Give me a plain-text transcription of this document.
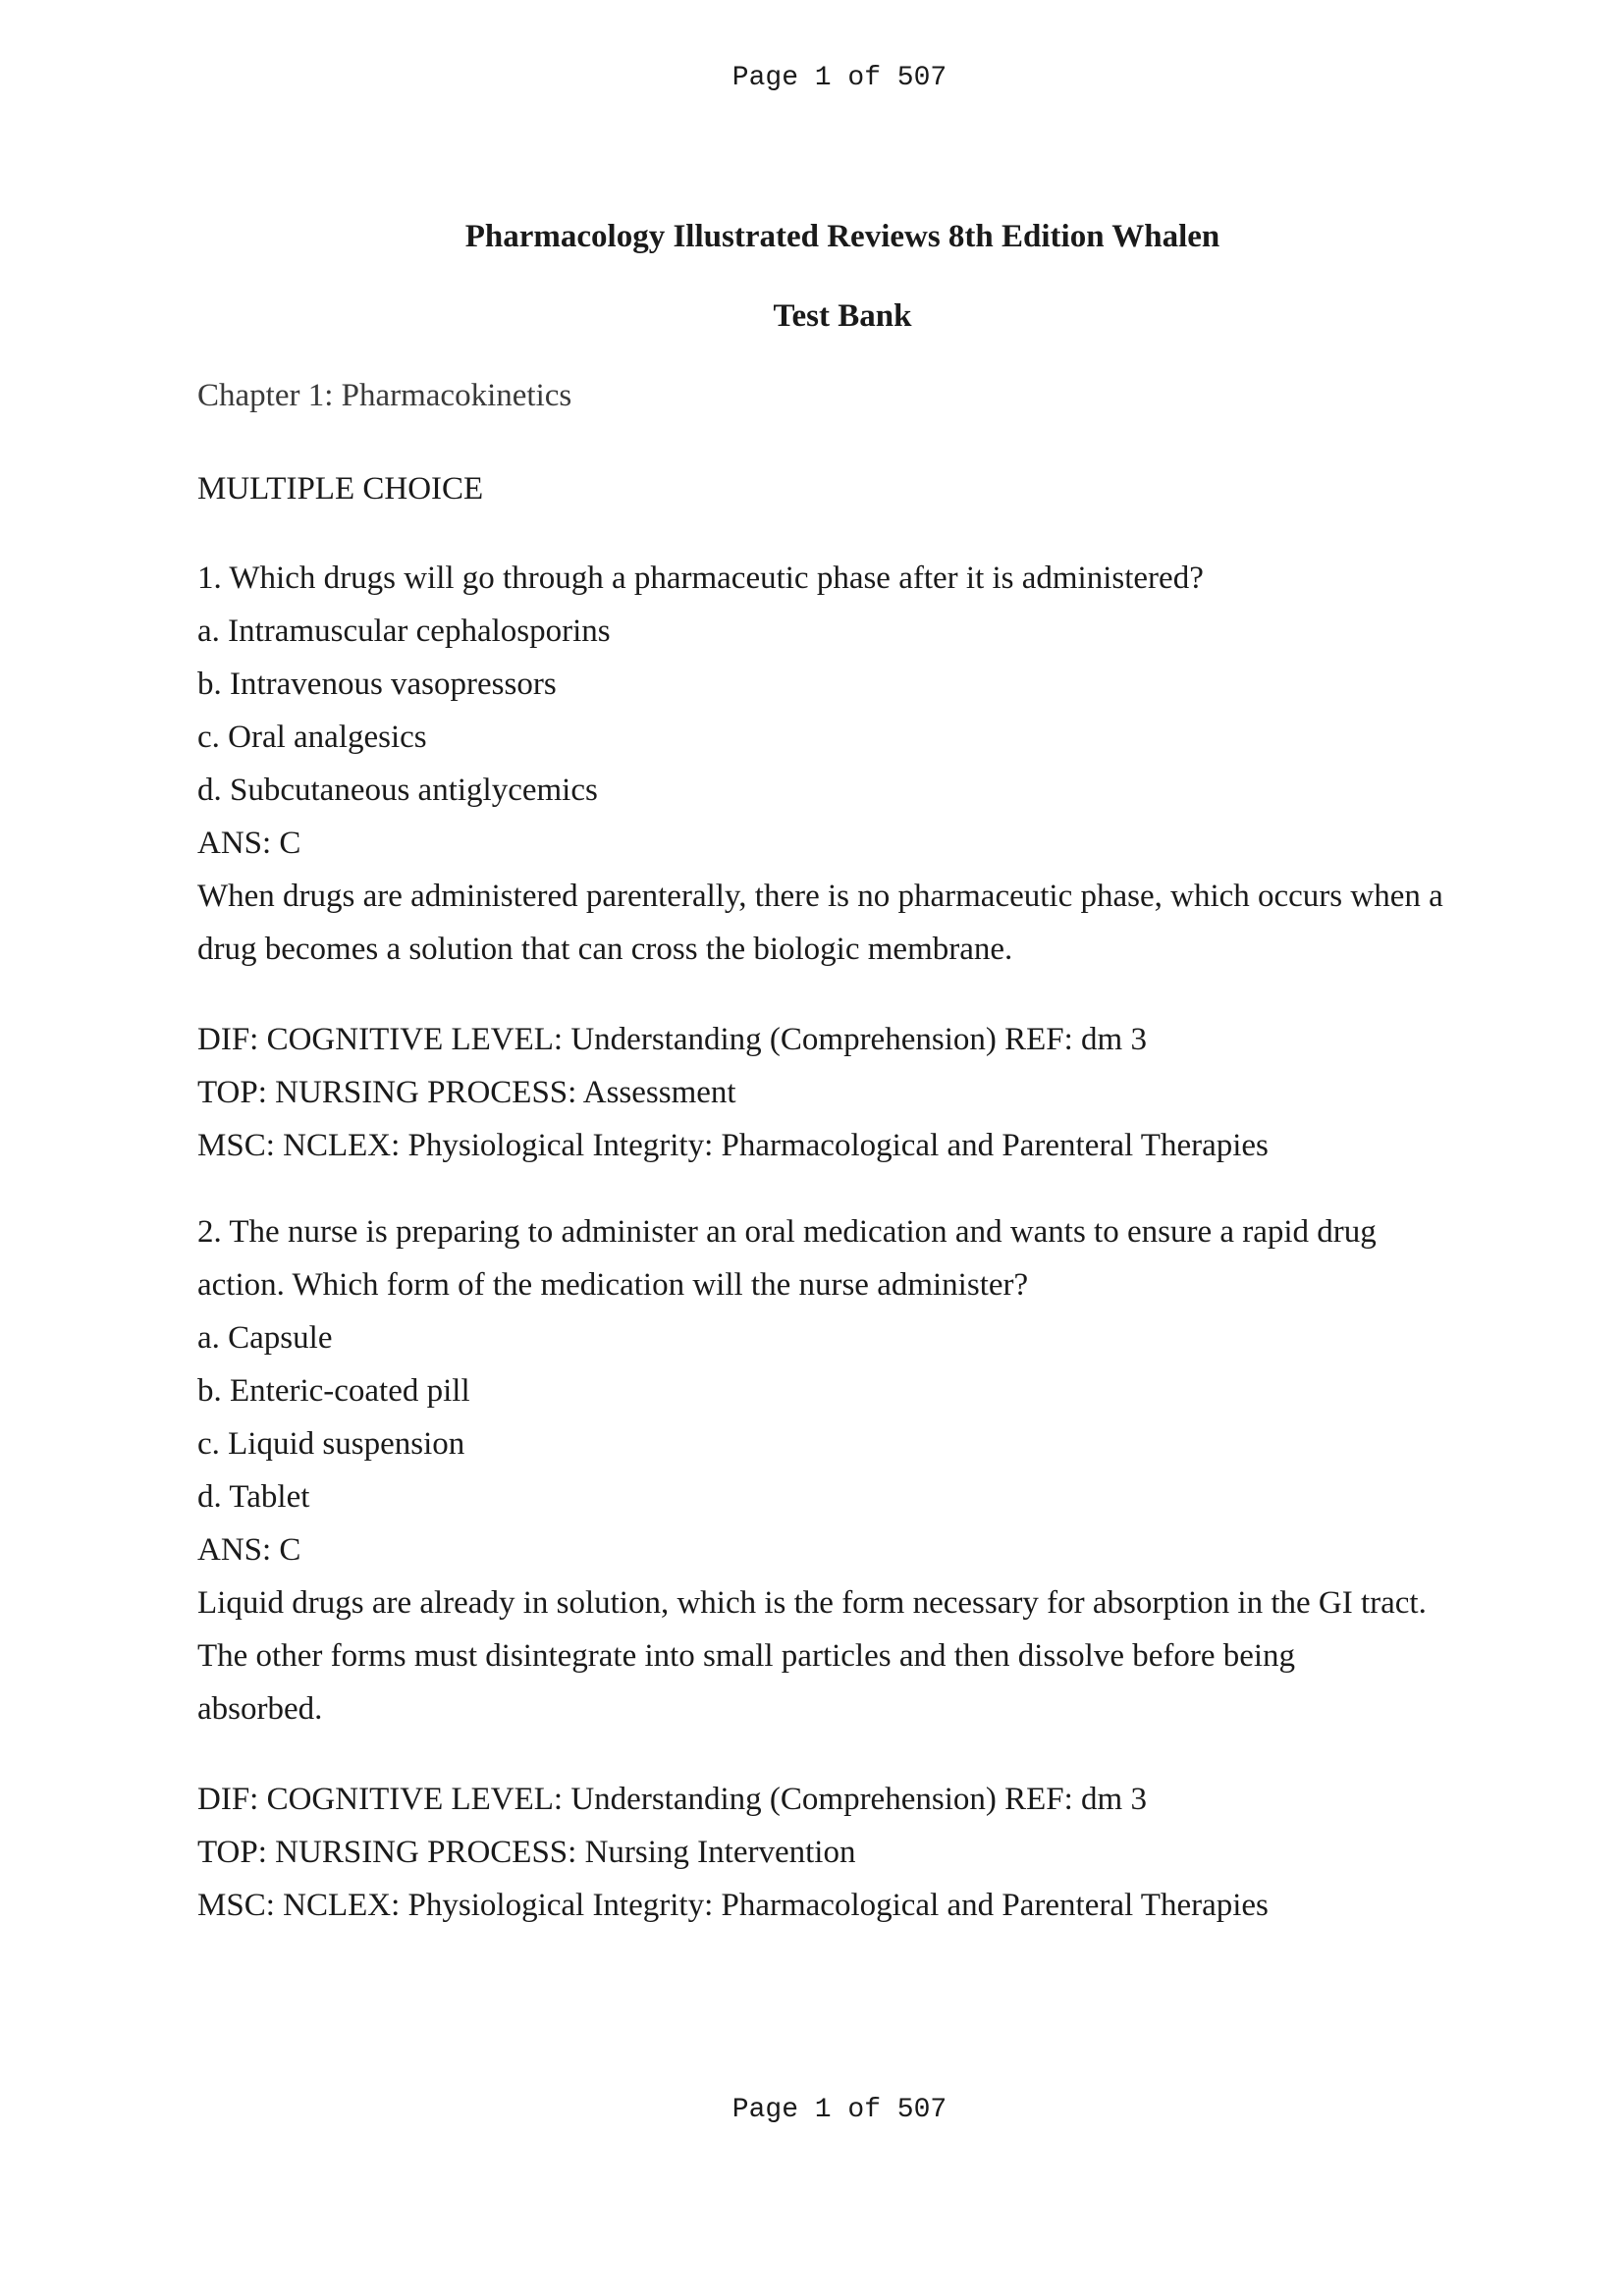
Page 1 of 507
Pharmacology Illustrated Reviews 8th Edition Whalen
Test Bank
Chapter 1: Pharmacokinetics
MULTIPLE CHOICE
1. Which drugs will go through a pharmaceutic phase after it is administered?
a. Intramuscular cephalosporins
b. Intravenous vasopressors
c. Oral analgesics
d. Subcutaneous antiglycemics
ANS: C
When drugs are administered parenterally, there is no pharmaceutic phase, which occurs when a
drug becomes a solution that can cross the biologic membrane.
DIF: COGNITIVE LEVEL: Understanding (Comprehension) REF: dm 3
TOP: NURSING PROCESS: Assessment
MSC: NCLEX: Physiological Integrity: Pharmacological and Parenteral Therapies
2. The nurse is preparing to administer an oral medication and wants to ensure a rapid drug
action. Which form of the medication will the nurse administer?
a. Capsule
b. Enteric-coated pill
c. Liquid suspension
d. Tablet
ANS: C
Liquid drugs are already in solution, which is the form necessary for absorption in the GI tract.
The other forms must disintegrate into small particles and then dissolve before being
absorbed.
DIF: COGNITIVE LEVEL: Understanding (Comprehension) REF: dm 3
TOP: NURSING PROCESS: Nursing Intervention
MSC: NCLEX: Physiological Integrity: Pharmacological and Parenteral Therapies
Page 1 of 507
